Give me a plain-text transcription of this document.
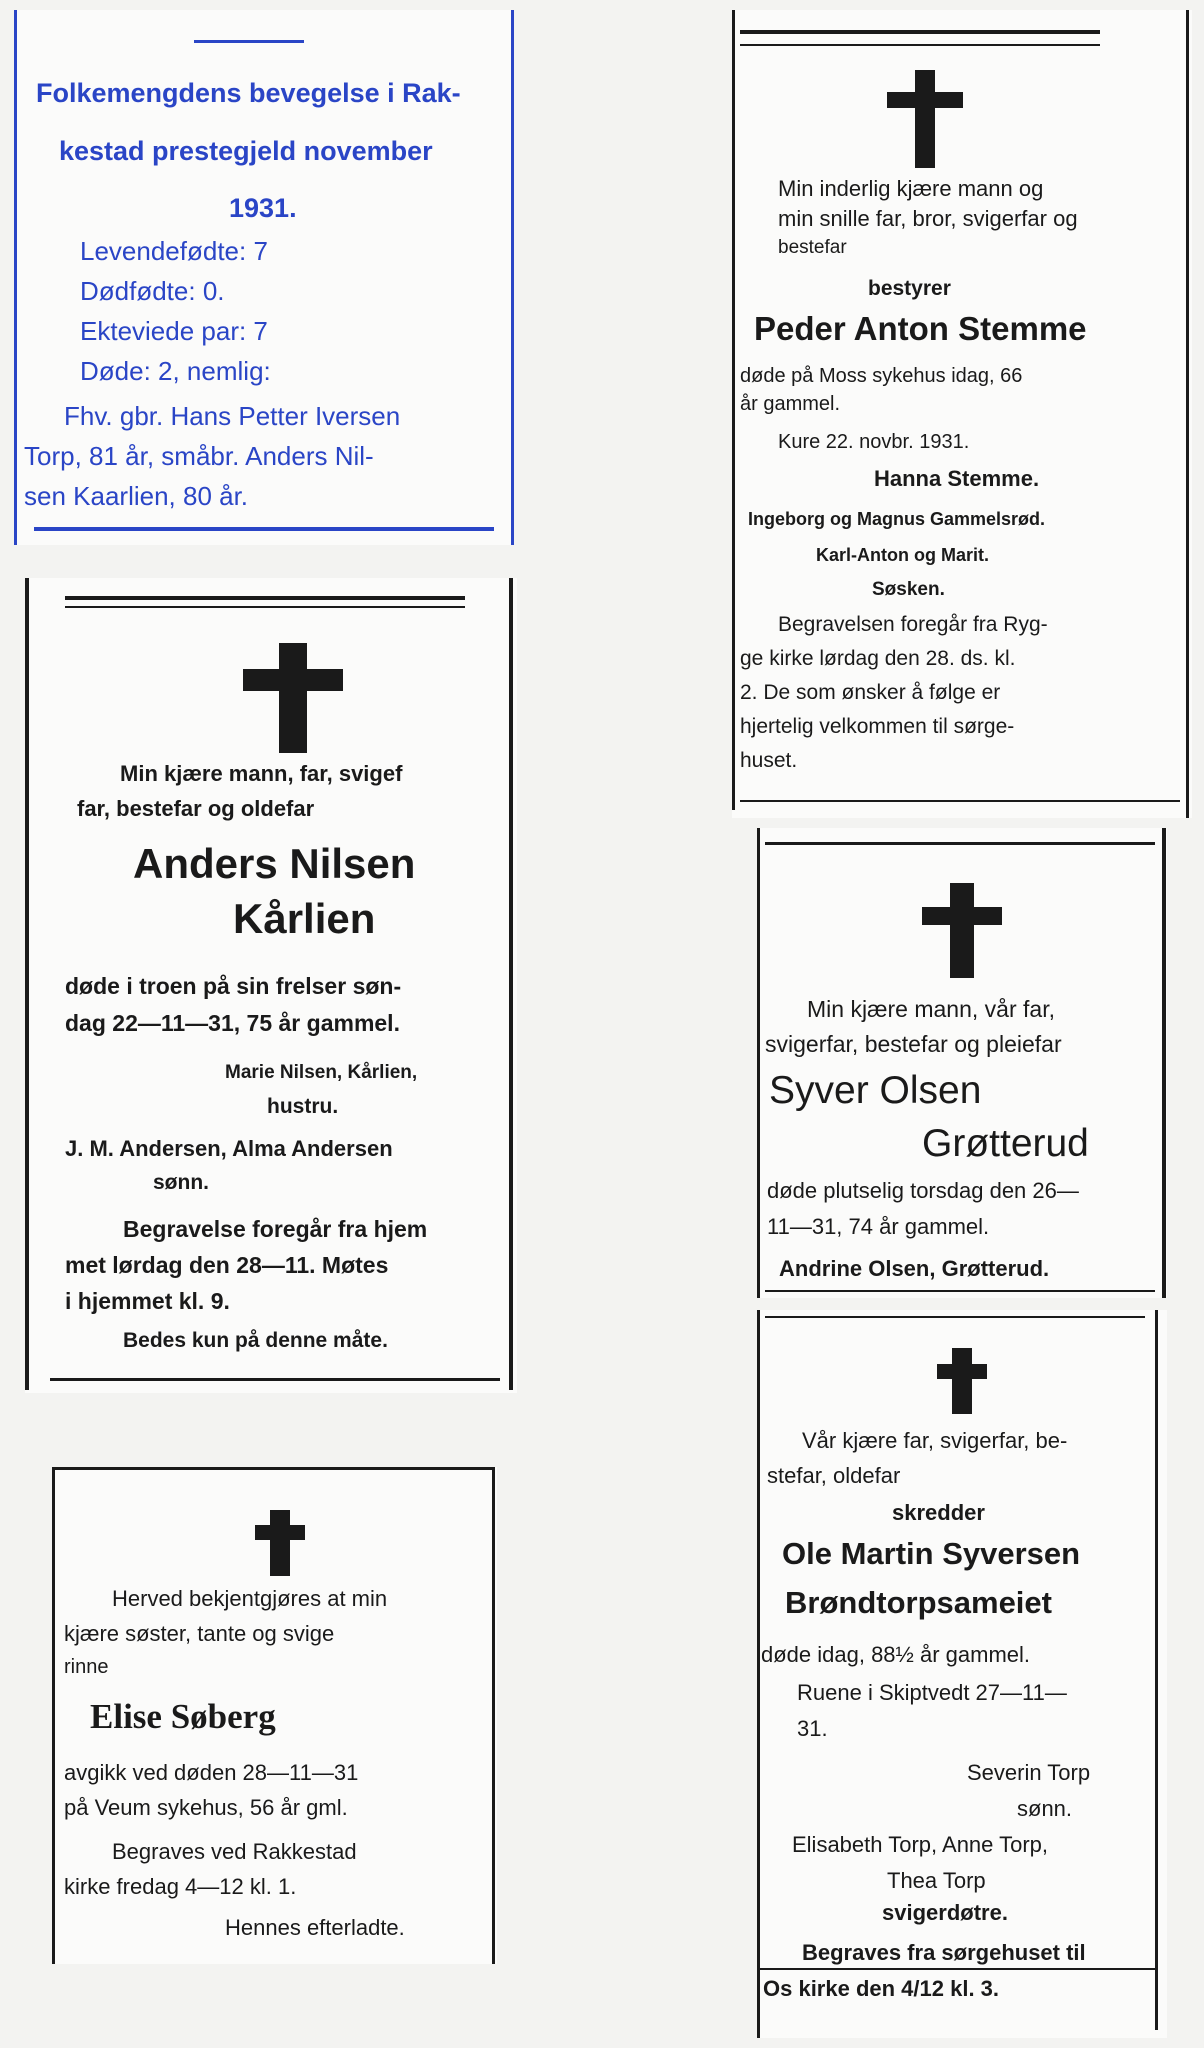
Folkemengdens bevegelse i Rak-
kestad prestegjeld november
1931.
Levendefødte: 7
Dødfødte: 0.
Ekteviede par: 7
Døde: 2, nemlig:
Fhv. gbr. Hans Petter Iversen
Torp, 81 år, småbr. Anders Nil-
sen Kaarlien, 80 år.
Min inderlig kjære mann og
min snille far, bror, svigerfar og
bestefar
bestyrer
Peder Anton Stemme
døde på Moss sykehus idag, 66
år gammel.
Kure 22. novbr. 1931.
Hanna Stemme.
Ingeborg og Magnus Gammelsrød.
Karl-Anton og Marit.
Søsken.
Begravelsen foregår fra Ryg-
ge kirke lørdag den 28. ds. kl.
2. De som ønsker å følge er
hjertelig velkommen til sørge-
huset.
Min kjære mann, far, svigef
far, bestefar og oldefar
Anders Nilsen
Kårlien
døde i troen på sin frelser søn-
dag 22—11—31, 75 år gammel.
Marie Nilsen, Kårlien,
hustru.
J. M. Andersen, Alma Andersen
sønn.
Begravelse foregår fra hjem
met lørdag den 28—11. Møtes
i hjemmet kl. 9.
Bedes kun på denne måte.
Min kjære mann, vår far,
svigerfar, bestefar og pleiefar
Syver Olsen
Grøtterud
døde plutselig torsdag den 26—
11—31, 74 år gammel.
Andrine Olsen, Grøtterud.
Herved bekjentgjøres at min
kjære søster, tante og svige
rinne
Elise Søberg
avgikk ved døden 28—11—31
på Veum sykehus, 56 år gml.
Begraves ved Rakkestad
kirke fredag 4—12 kl. 1.
Hennes efterladte.
Vår kjære far, svigerfar, be-
stefar, oldefar
skredder
Ole Martin Syversen
Brøndtorpsameiet
døde idag, 88½ år gammel.
Ruene i Skiptvedt 27—11—
31.
Severin Torp
sønn.
Elisabeth Torp, Anne Torp,
Thea Torp
svigerdøtre.
Begraves fra sørgehuset til
Os kirke den 4/12 kl. 3.
